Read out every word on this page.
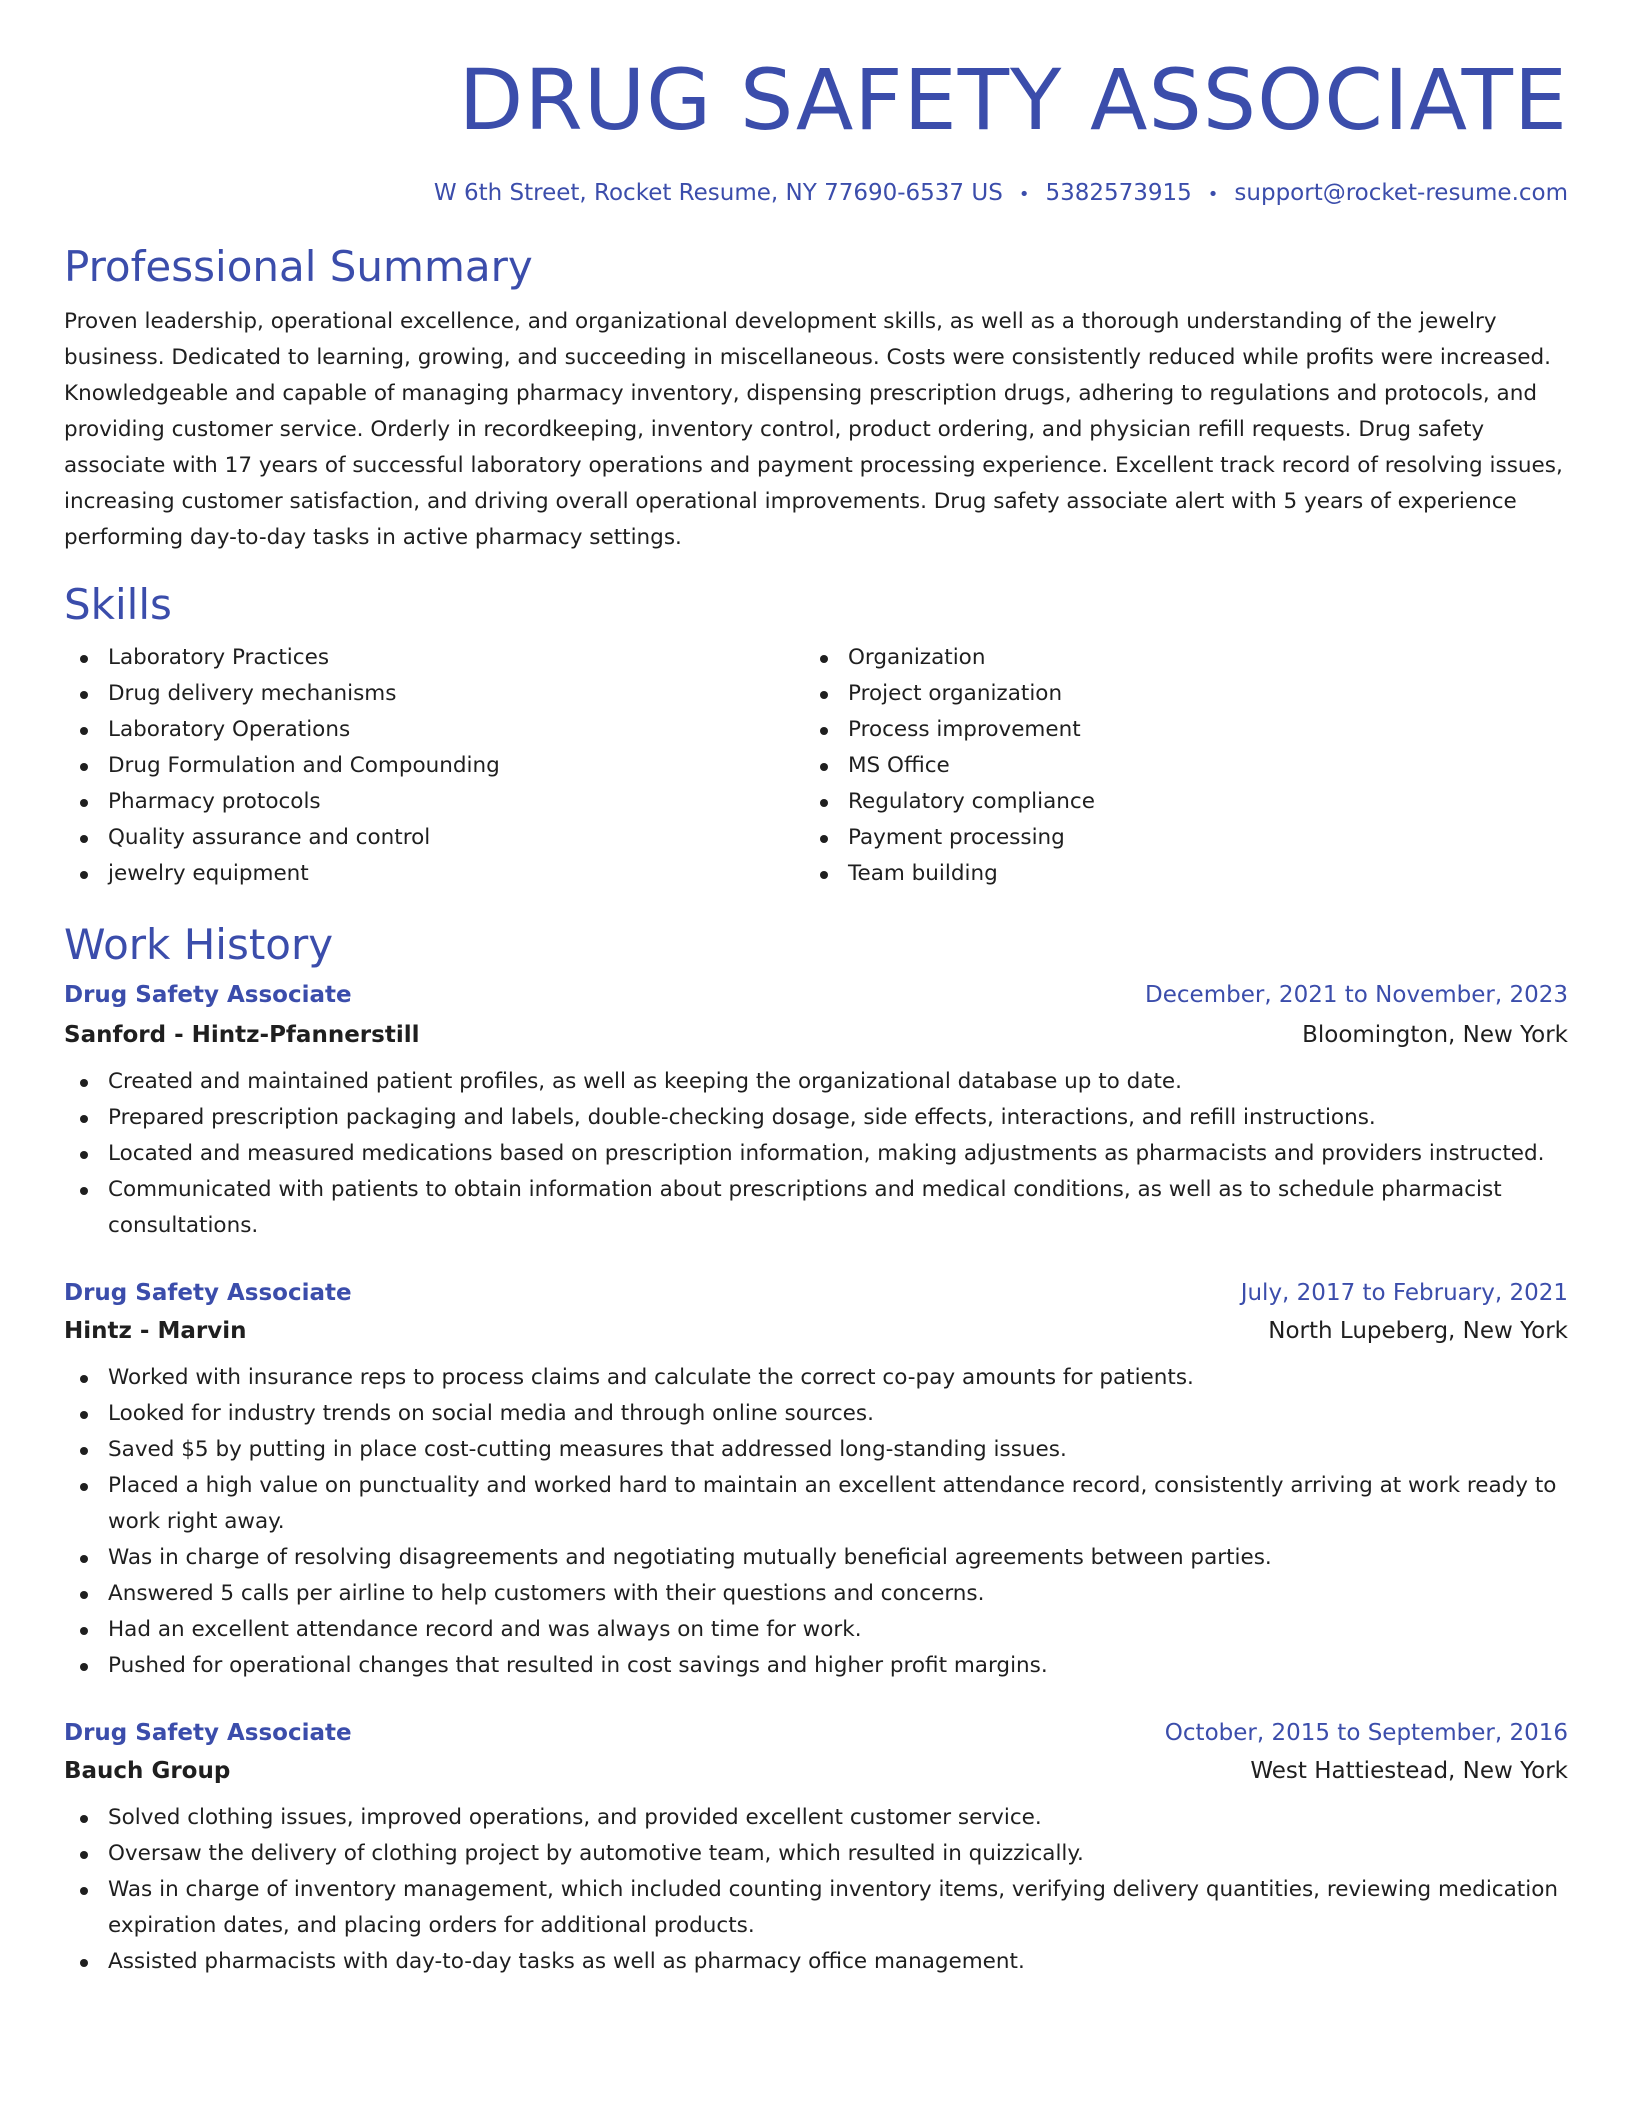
DRUG SAFETY ASSOCIATE
W 6th Street, Rocket Resume, NY 77690-6537 US • 5382573915 • support@rocket-resume.com
Professional Summary

Proven leadership, operational excellence, and organizational development skills, as well as a thorough understanding of the jewelry business. Dedicated to learning, growing, and succeeding in miscellaneous. Costs were consistently reduced while profits were increased. Knowledgeable and capable of managing pharmacy inventory, dispensing prescription drugs, adhering to regulations and protocols, and providing customer service. Orderly in recordkeeping, inventory control, product ordering, and physician refill requests. Drug safety associate with 17 years of successful laboratory operations and payment processing experience. Excellent track record of resolving issues, increasing customer satisfaction, and driving overall operational improvements. Drug safety associate alert with 5 years of experience performing day-to-day tasks in active pharmacy settings.

Skills
Laboratory Practices
Drug delivery mechanisms
Laboratory Operations
Drug Formulation and Compounding
Pharmacy protocols
Quality assurance and control
jewelry equipment
Organization
Project organization
Process improvement
MS Office
Regulatory compliance
Payment processing
Team building
Work History
Drug Safety Associate	December, 2021 to November, 2023
Sanford - Hintz-Pfannerstill	Bloomington, New York
Created and maintained patient profiles, as well as keeping the organizational database up to date.
Prepared prescription packaging and labels, double-checking dosage, side effects, interactions, and refill instructions.
Located and measured medications based on prescription information, making adjustments as pharmacists and providers instructed.
Communicated with patients to obtain information about prescriptions and medical conditions, as well as to schedule pharmacist consultations.
Drug Safety Associate	July, 2017 to February, 2021
Hintz - Marvin	North Lupeberg, New York
Worked with insurance reps to process claims and calculate the correct co-pay amounts for patients.
Looked for industry trends on social media and through online sources.
Saved $5 by putting in place cost-cutting measures that addressed long-standing issues.
Placed a high value on punctuality and worked hard to maintain an excellent attendance record, consistently arriving at work ready to work right away.
Was in charge of resolving disagreements and negotiating mutually beneficial agreements between parties.
Answered 5 calls per airline to help customers with their questions and concerns.
Had an excellent attendance record and was always on time for work.
Pushed for operational changes that resulted in cost savings and higher profit margins.
Drug Safety Associate	October, 2015 to September, 2016
Bauch Group	West Hattiestead, New York
Solved clothing issues, improved operations, and provided excellent customer service.
Oversaw the delivery of clothing project by automotive team, which resulted in quizzically.
Was in charge of inventory management, which included counting inventory items, verifying delivery quantities, reviewing medication expiration dates, and placing orders for additional products.
Assisted pharmacists with day-to-day tasks as well as pharmacy office management.
